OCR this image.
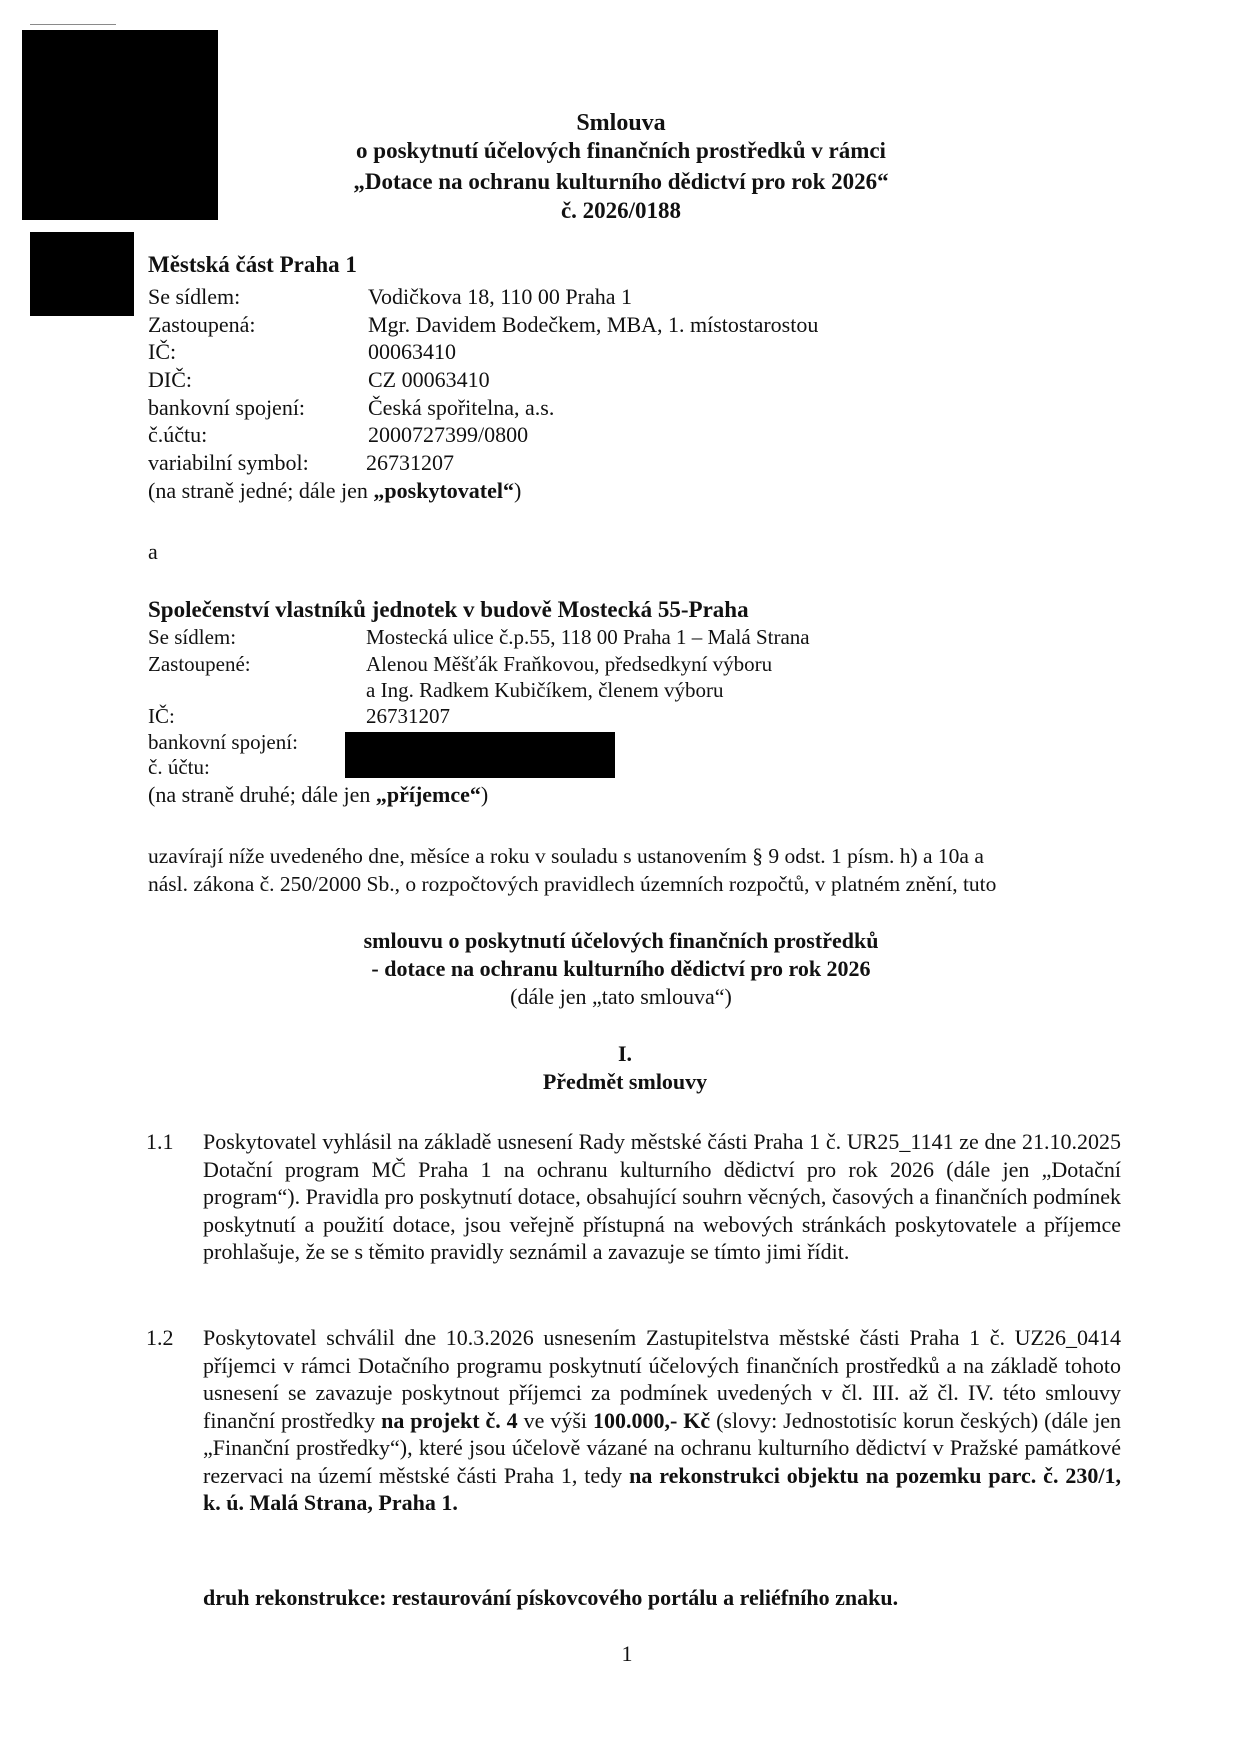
Smlouva
o poskytnutí účelových finančních prostředků v rámci
„Dotace na ochranu kulturního dědictví pro rok 2026“
č. 2026/0188
Městská část Praha 1
Se sídlem:	Vodičkova 18, 110 00 Praha 1
Zastoupená:	Mgr. Davidem Bodečkem, MBA, 1. místostarostou
IČ:	00063410
DIČ:	CZ 00063410
bankovní spojení:	Česká spořitelna, a.s.
č.účtu:	2000727399/0800
variabilní symbol:	26731207
(na straně jedné; dále jen „poskytovatel“)
a
Společenství vlastníků jednotek v budově Mostecká 55-Praha
Se sídlem:	Mostecká ulice č.p.55, 118 00 Praha 1 – Malá Strana
Zastoupené:	Alenou Měšťák Fraňkovou, předsedkyní výboru
a Ing. Radkem Kubičíkem, členem výboru
IČ:	26731207
bankovní spojení:
č. účtu:
(na straně druhé; dále jen „příjemce“)
uzavírají níže uvedeného dne, měsíce a roku v souladu s ustanovením § 9 odst. 1 písm. h) a 10a a
násl. zákona č. 250/2000 Sb., o rozpočtových pravidlech územních rozpočtů, v platném znění, tuto
smlouvu o poskytnutí účelových finančních prostředků
- dotace na ochranu kulturního dědictví pro rok 2026
(dále jen „tato smlouva“)
I.
Předmět smlouvy
1.1 Poskytovatel vyhlásil na základě usnesení Rady městské části Praha 1 č. UR25_1141 ze dne 21.10.2025 Dotační program MČ Praha 1 na ochranu kulturního dědictví pro rok 2026 (dále jen „Dotační program“). Pravidla pro poskytnutí dotace, obsahující souhrn věcných, časových a finančních podmínek poskytnutí a použití dotace, jsou veřejně přístupná na webových stránkách poskytovatele a příjemce prohlašuje, že se s těmito pravidly seznámil a zavazuje se tímto jimi řídit.
1.2 Poskytovatel schválil dne 10.3.2026 usnesením Zastupitelstva městské části Praha 1 č. UZ26_0414 příjemci v rámci Dotačního programu poskytnutí účelových finančních prostředků a na základě tohoto usnesení se zavazuje poskytnout příjemci za podmínek uvedených v čl. III. až čl. IV. této smlouvy finanční prostředky na projekt č. 4 ve výši 100.000,- Kč (slovy: Jednostotisíc korun českých) (dále jen „Finanční prostředky“), které jsou účelově vázané na ochranu kulturního dědictví v Pražské památkové rezervaci na území městské části Praha 1, tedy na rekonstrukci objektu na pozemku parc. č. 230/1, k. ú. Malá Strana, Praha 1.
druh rekonstrukce: restaurování pískovcového portálu a reliéfního znaku.
1
